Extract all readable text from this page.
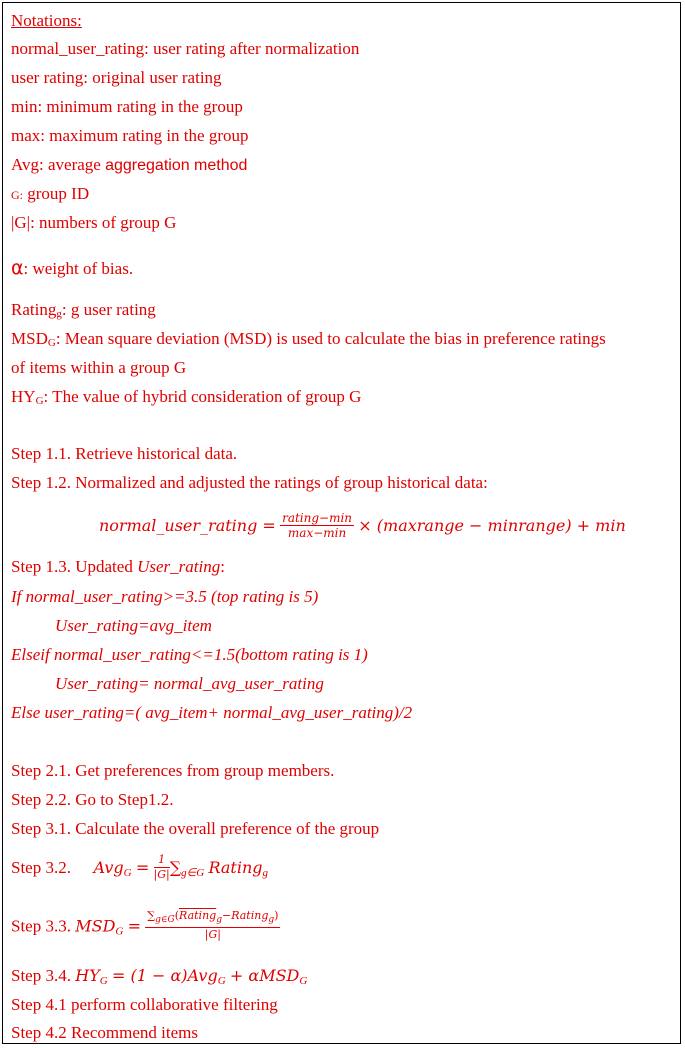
Notations:
normal_user_rating: user rating after normalization
user rating: original user rating
min: minimum rating in the group
max: maximum rating in the group
Avg: average aggregation method
G: group ID
|G|: numbers of group G
α: weight of bias.
Ratingg: g user rating
MSDG: Mean square deviation (MSD) is used to calculate the bias in preference ratings
of items within a group G
HYG: The value of hybrid consideration of group G
Step 1.1. Retrieve historical data.
Step 1.2. Normalized and adjusted the ratings of group historical data:
normal_user_rating = $\frac{\text{rating−min}}{\max-\min}$ × (maxrange − minrange) + min
Step 1.3. Updated User_rating:
If normal_user_rating>=3.5 (top rating is 5)
User_rating=avg_item
Elseif normal_user_rating<=1.5(bottom rating is 1)
User_rating= normal_avg_user_rating
Else user_rating=( avg_item+ normal_avg_user_rating)/2
Step 2.1. Get preferences from group members.
Step 2.2. Go to Step1.2.
Step 3.1. Calculate the overall preference of the group
Step 3.2. AvgG = $\frac{1}{|G|}$ ∑g∈G Ratingg
Step 3.3. MSDG = $\frac{\sum_{g\in G}(Rating_g-Rating_g)}{|G|}$
Step 3.4. HYG = (1 − α)AvgG + αMSDG
Step 4.1 perform collaborative filtering
Step 4.2 Recommend items
